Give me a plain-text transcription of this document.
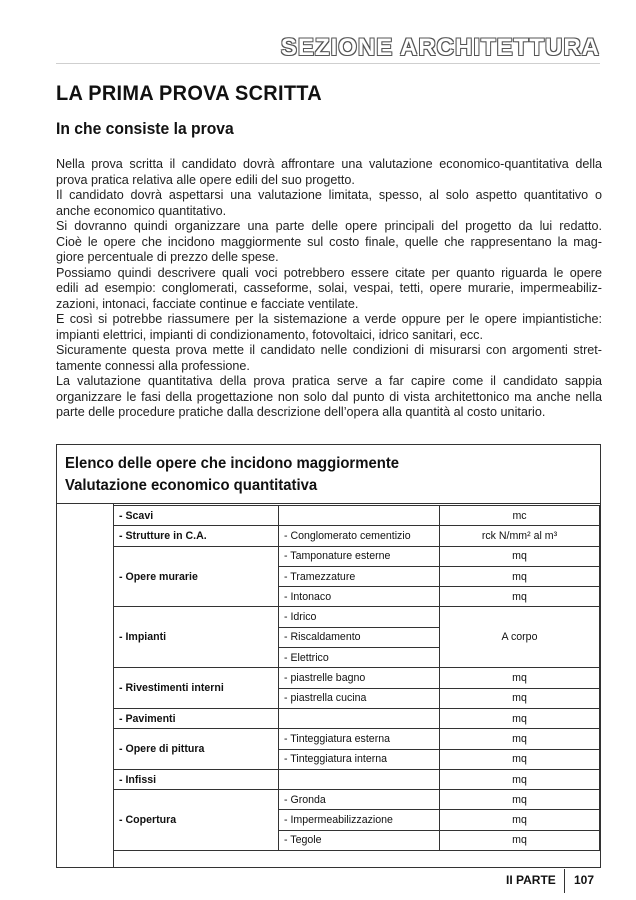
SEZIONE ARCHITETTURA
LA PRIMA PROVA SCRITTA
In che consiste la prova
Nella prova scritta il candidato dovrà affrontare una valutazione economico-quantitativa della
prova pratica relativa alle opere edili del suo progetto.
Il candidato dovrà aspettarsi una valutazione limitata, spesso, al solo aspetto quantitativo o
anche economico quantitativo.
Si dovranno quindi organizzare una parte delle opere principali del progetto da lui redatto.
Cioè le opere che incidono maggiormente sul costo finale, quelle che rappresentano la mag-
giore percentuale di prezzo delle spese.
Possiamo quindi descrivere quali voci potrebbero essere citate per quanto riguarda le opere
edili ad esempio: conglomerati, casseforme, solai, vespai, tetti, opere murarie, impermeabiliz-
zazioni, intonaci, facciate continue e facciate ventilate.
E così si potrebbe riassumere per la sistemazione a verde oppure per le opere impiantistiche:
impianti elettrici, impianti di condizionamento, fotovoltaici, idrico sanitari, ecc.
Sicuramente questa prova mette il candidato nelle condizioni di misurarsi con argomenti stret-
tamente connessi alla professione.
La valutazione quantitativa della prova pratica serve a far capire come il candidato sappia
organizzare le fasi della progettazione non solo dal punto di vista architettonico ma anche nella
parte delle procedure pratiche dalla descrizione dell’opera alla quantità al costo unitario.
Elenco delle opere che incidono maggiormente
Valutazione economico quantitativa
- Scavi		mc
- Strutture in C.A.	- Conglomerato cementizio	rck N/mm² al m³
- Opere murarie	- Tamponature esterne	mq
	- Tramezzature	mq
	- Intonaco	mq
- Impianti	- Idrico	A corpo
	- Riscaldamento	
	- Elettrico	
- Rivestimenti interni	- piastrelle bagno	mq
	- piastrella cucina	mq
- Pavimenti		mq
- Opere di pittura	- Tinteggiatura esterna	mq
	- Tinteggiatura interna	mq
- Infissi		mq
- Copertura	- Gronda	mq
	- Impermeabilizzazione	mq
	- Tegole	mq
II PARTE 107
